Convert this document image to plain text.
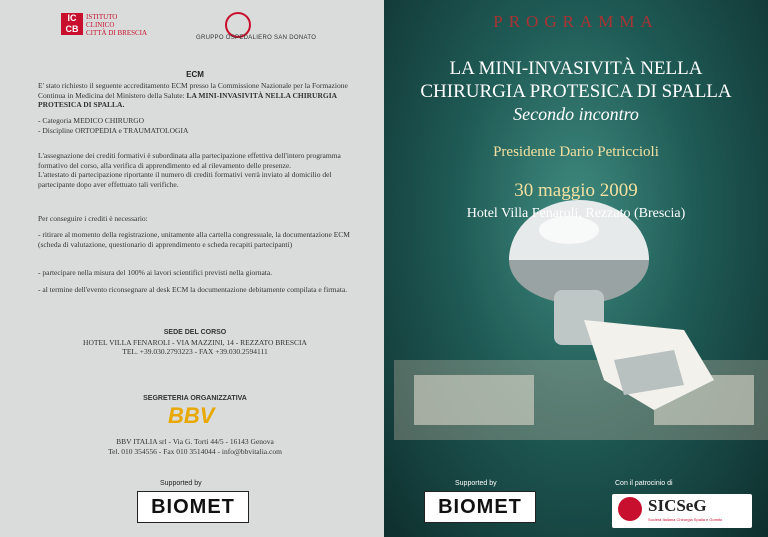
IC CB
ISTITUTO
CLINICO
CITTÀ DI BRESCIA
GRUPPO OSPEDALIERO SAN DONATO
ECM
E' stato richiesto il seguente accreditamento ECM presso la Commissione Nazionale per la Formazione Continua in Medicina del Ministero della Salute: LA MINI-INVASIVITÀ NELLA CHIRURGIA PROTESICA DI SPALLA.
- Categoria MEDICO CHIRURGO
- Discipline ORTOPEDIA e TRAUMATOLOGIA
L'assegnazione dei crediti formativi è subordinata alla partecipazione effettiva dell'intero programma formativo del corso, alla verifica di apprendimento ed al rilevamento delle presenze.
L'attestato di partecipazione riportante il numero di crediti formativi verrà inviato al domicilio del partecipante dopo aver effettuato tali verifiche.
Per conseguire i crediti è necessario:
- ritirare al momento della registrazione, unitamente alla cartella congressuale, la documentazione ECM (scheda di valutazione, questionario di apprendimento e scheda recapiti partecipanti)
- partecipare nella misura del 100% ai lavori scientifici previsti nella giornata.
- al termine dell'evento riconsegnare al desk ECM la documentazione debitamente compilata e firmata.
SEDE DEL CORSO
HOTEL VILLA FENAROLI - VIA MAZZINI, 14 - REZZATO BRESCIA
TEL. +39.030.2793223 - FAX +39.030.2594111
SEGRETERIA ORGANIZZATIVA
BBV
BBV ITALIA srl - Via G. Torti 44/5 - 16143 Genova
Tel. 010 354556 - Fax 010 3514044 - info@bbvitalia.com
Supported by
BIOMET
PROGRAMMA
LA MINI-INVASIVITÀ NELLA
CHIRURGIA PROTESICA DI SPALLA
Secondo incontro
Presidente Dario Petriccioli
30 maggio 2009
Hotel Villa Fenaroli, Rezzato (Brescia)
Supported by
BIOMET
Con il patrocinio di
SICSeG
Società Italiana Chirurgia Spalla e Gomito
